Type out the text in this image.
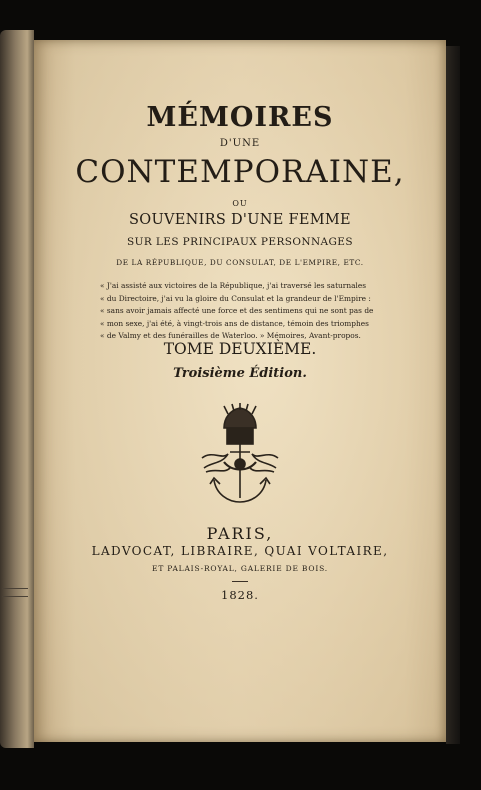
MÉMOIRES
D'UNE
CONTEMPORAINE,
OU
SOUVENIRS D'UNE FEMME
SUR LES PRINCIPAUX PERSONNAGES
DE LA RÉPUBLIQUE, DU CONSULAT, DE L'EMPIRE, ETC.
« J'ai assisté aux victoires de la République, j'ai traversé les saturnales
« du Directoire, j'ai vu la gloire du Consulat et la grandeur de l'Empire :
« sans avoir jamais affecté une force et des sentimens qui ne sont pas de
« mon sexe, j'ai été, à vingt-trois ans de distance, témoin des triomphes
« de Valmy et des funérailles de Waterloo. » Mémoires, Avant-propos.
TOME DEUXIÈME.
Troisième Édition.
PARIS,
LADVOCAT, LIBRAIRE, QUAI VOLTAIRE,
ET PALAIS-ROYAL, GALERIE DE BOIS.
1828.
